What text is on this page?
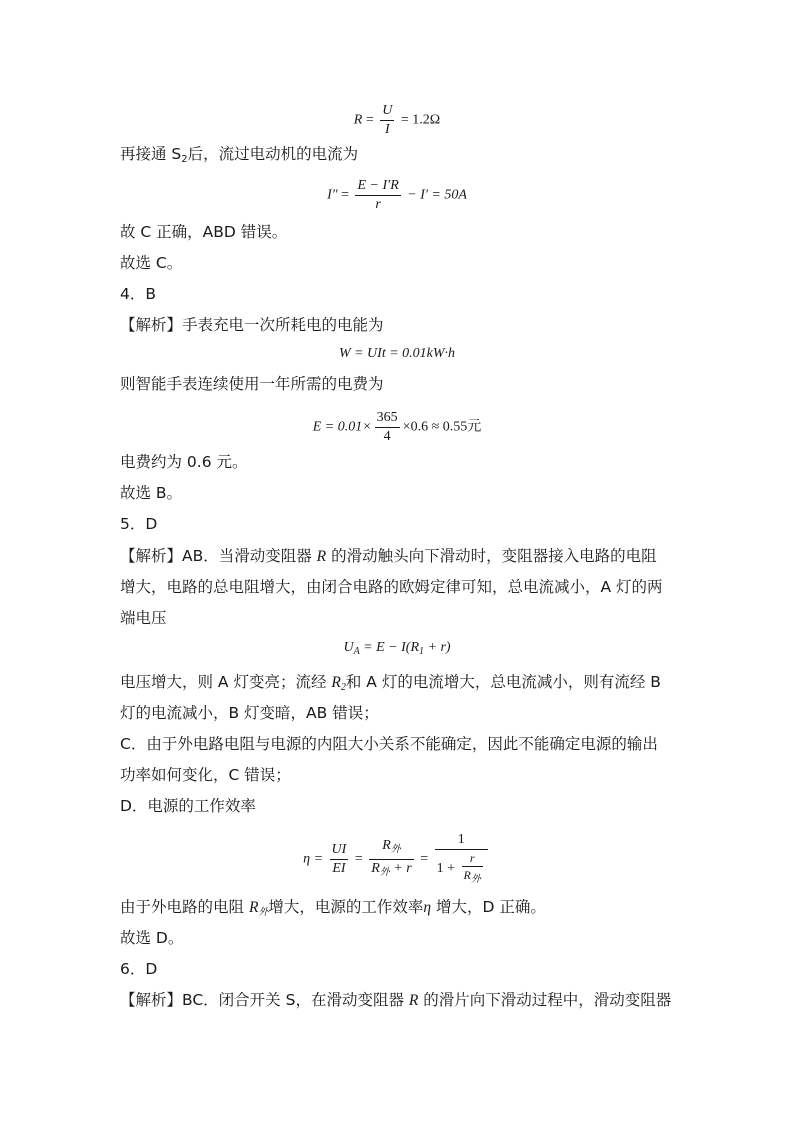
$R = \frac{U}{I} = 1.2\Omega$
再接通 $S_2$后，流过电动机的电流为
$I'' = \frac{E - I'R}{r} - I' = 50A$
故 C 正确，ABD 错误。
故选 C。
4．B
【解析】手表充电一次所耗电的电能为
W = UIt = 0.01kW·h
则智能手表连续使用一年所需的电费为
$E = 0.01\times \frac{365}{4} \times 0.6 \approx 0.55$元
电费约为 0.6 元。
故选 B。
5．D
【解析】AB．当滑动变阻器 R 的滑动触头向下滑动时，变阻器接入电路的电阻
增大，电路的总电阻增大，由闭合电路的欧姆定律可知，总电流减小，A 灯的两
端电压
$U_A = E - I(R_1 + r)$
电压增大，则 A 灯变亮；流经 $R_2$和 A 灯的电流增大，总电流减小，则有流经 B
灯的电流减小，B 灯变暗，AB 错误；
C．由于外电路电阻与电源的内阻大小关系不能确定，因此不能确定电源的输出
功率如何变化，C 错误；
D．电源的工作效率
$\eta = \frac{UI}{EI} = \frac{R_外}{R_外 + r} = \frac{1}{1 + \frac{r}{R_外}}$
由于外电路的电阻 $R_外$增大，电源的工作效率η 增大，D 正确。
故选 D。
6．D
【解析】BC．闭合开关 S，在滑动变阻器 R 的滑片向下滑动过程中，滑动变阻器
